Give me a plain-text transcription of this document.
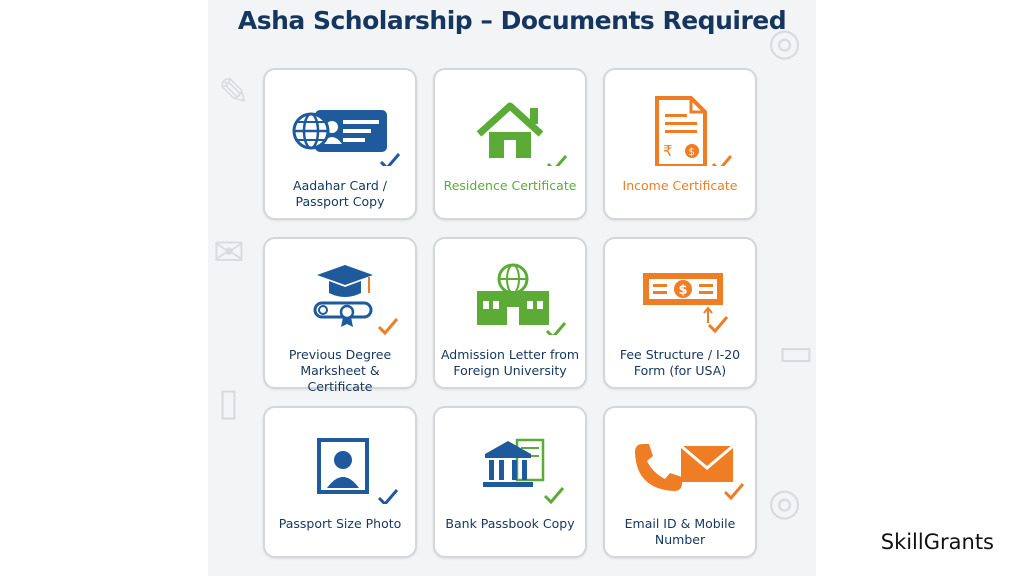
✎
◎
▭
▯
◎
✉
Asha Scholarship – Documents Required
Aadahar Card / Passport Copy
Residence Certificate
₹ $
Income Certificate
Previous Degree Marksheet & Certificate
Admission Letter from Foreign University
$
Fee Structure / I-20 Form (for USA)
Passport Size Photo	Bank Passbook Copy	Email ID & Mobile Number	SkillGrants
